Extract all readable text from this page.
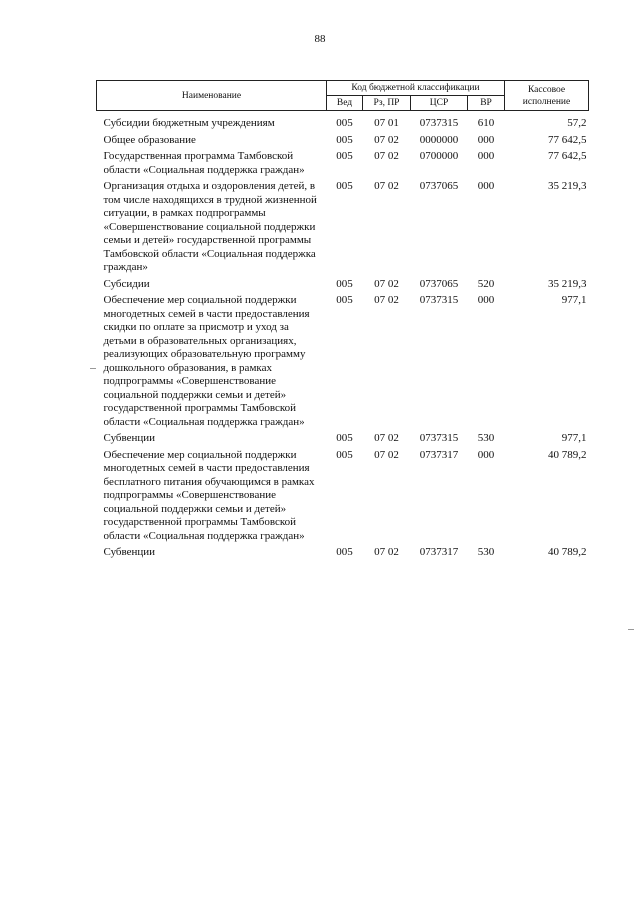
88
Наименование	Код бюджетной классификации				Кассовое исполнение
	Вед	Рз, ПР	ЦСР	ВР	
Субсидии бюджетным учреждениям	005	07 01	0737315	610	57,2
Общее образование	005	07 02	0000000	000	77 642,5
Государственная программа Тамбовской области «Социальная поддержка граждан»	005	07 02	0700000	000	77 642,5
Организация отдыха и оздоровления детей, в том числе находящихся в трудной жизненной ситуации, в рамках подпрограммы «Совершенствование социальной поддержки семьи и детей» государственной программы Тамбовской области «Социальная поддержка граждан»	005	07 02	0737065	000	35 219,3
Субсидии	005	07 02	0737065	520	35 219,3
Обеспечение мер социальной поддержки многодетных семей в части предоставления скидки по оплате за присмотр и уход за детьми в образовательных организациях, реализующих образовательную программу дошкольного образования, в рамках подпрограммы «Совершенствование социальной поддержки семьи и детей» государственной программы Тамбовской области «Социальная поддержка граждан»	005	07 02	0737315	000	977,1
Субвенции	005	07 02	0737315	530	977,1
Обеспечение мер социальной поддержки многодетных семей в части предоставления бесплатного питания обучающимся в рамках подпрограммы «Совершенствование социальной поддержки семьи и детей» государственной программы Тамбовской области «Социальная поддержка граждан»	005	07 02	0737317	000	40 789,2
Субвенции	005	07 02	0737317	530	40 789,2
